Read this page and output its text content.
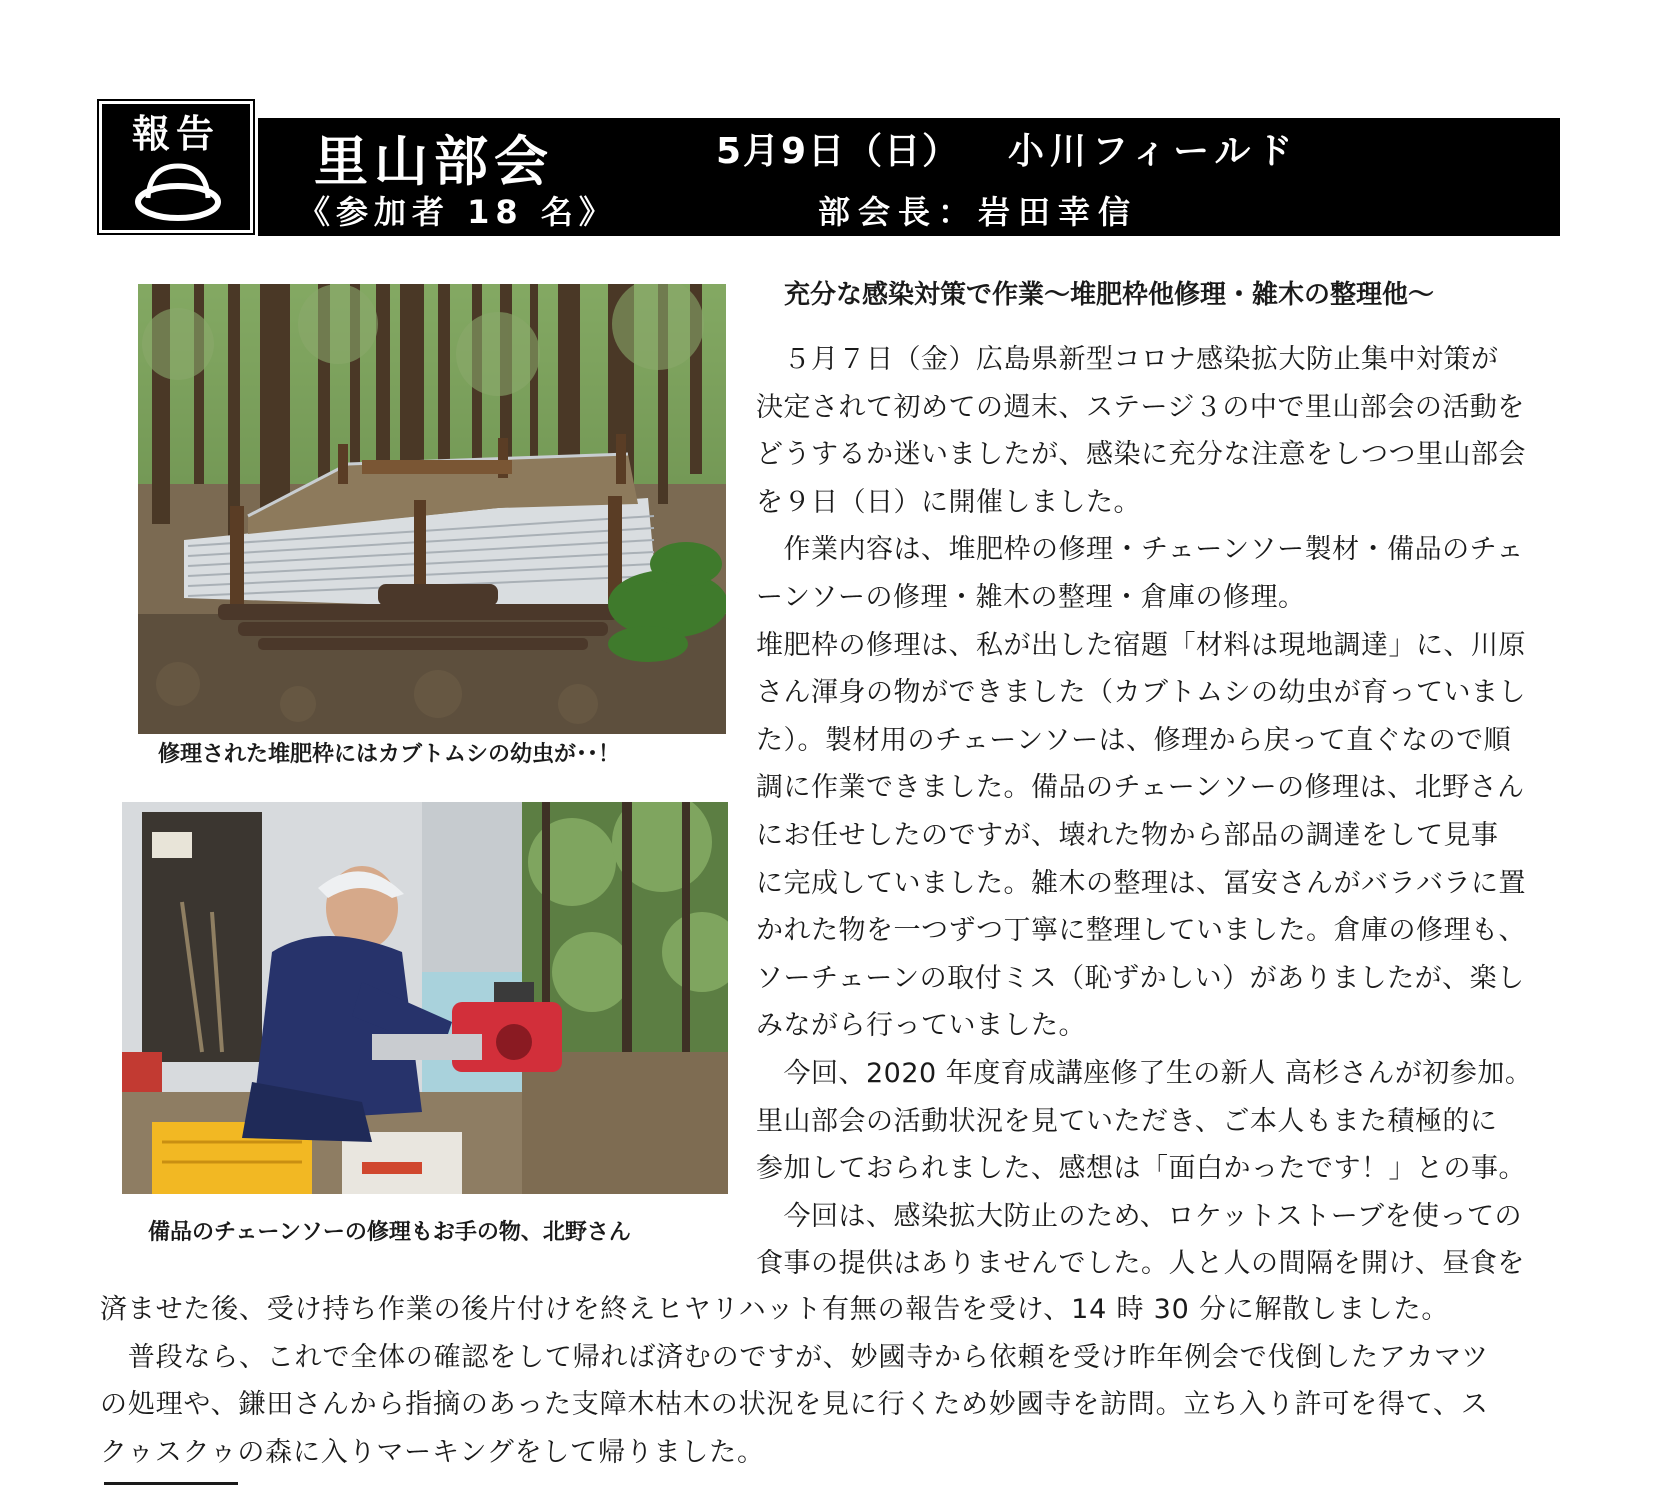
報告	里山部会	5月9日（日） 小川フィールド
《参加者 18 名》	部会長：岩田幸信
修理された堆肥枠にはカブトムシの幼虫が･･！
備品のチェーンソーの修理もお手の物、北野さん
充分な感染対策で作業～堆肥枠他修理・雑木の整理他～
　５月７日（金）広島県新型コロナ感染拡大防止集中対策が
決定されて初めての週末、ステージ３の中で里山部会の活動を
どうするか迷いましたが、感染に充分な注意をしつつ里山部会
を９日（日）に開催しました。
　作業内容は、堆肥枠の修理・チェーンソー製材・備品のチェ
ーンソーの修理・雑木の整理・倉庫の修理。
堆肥枠の修理は、私が出した宿題「材料は現地調達」に、川原
さん渾身の物ができました（カブトムシの幼虫が育っていまし
た）。製材用のチェーンソーは、修理から戻って直ぐなので順
調に作業できました。備品のチェーンソーの修理は、北野さん
にお任せしたのですが、壊れた物から部品の調達をして見事
に完成していました。雑木の整理は、冨安さんがバラバラに置
かれた物を一つずつ丁寧に整理していました。倉庫の修理も、
ソーチェーンの取付ミス（恥ずかしい）がありましたが、楽し
みながら行っていました。
　今回、2020 年度育成講座修了生の新人 高杉さんが初参加。
里山部会の活動状況を見ていただき、ご本人もまた積極的に
参加しておられました、感想は「面白かったです！」との事。
　今回は、感染拡大防止のため、ロケットストーブを使っての
食事の提供はありませんでした。人と人の間隔を開け、昼食を
済ませた後、受け持ち作業の後片付けを終えヒヤリハット有無の報告を受け、14 時 30 分に解散しました。
　普段なら、これで全体の確認をして帰れば済むのですが、妙國寺から依頼を受け昨年例会で伐倒したアカマツ
の処理や、鎌田さんから指摘のあった支障木枯木の状況を見に行くため妙國寺を訪問。立ち入り許可を得て、ス
クゥスクゥの森に入りマーキングをして帰りました。
